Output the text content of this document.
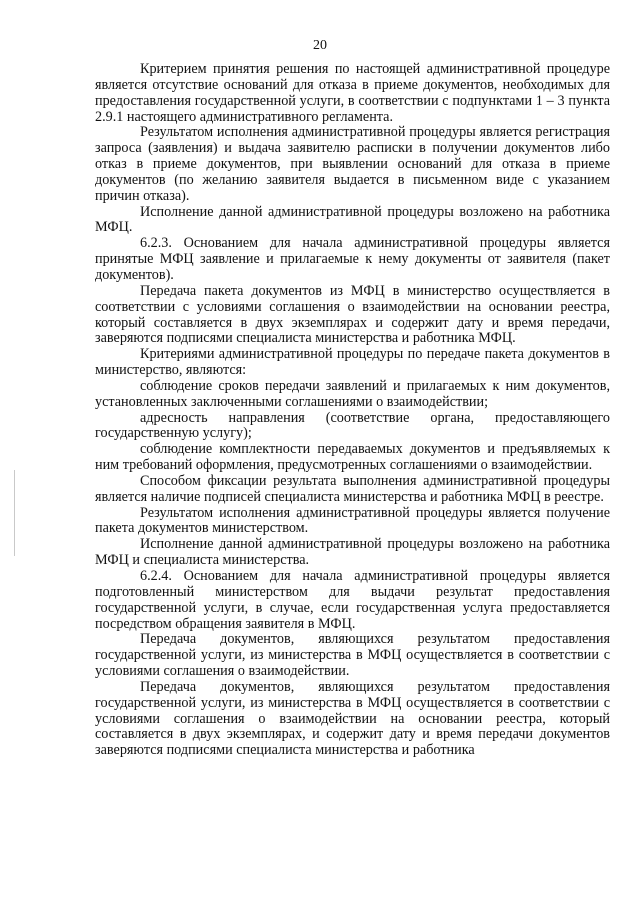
20

Критерием принятия решения по настоящей административной процедуре является отсутствие оснований для отказа в приеме документов, необходимых для предоставления государственной услуги, в соответствии с подпунктами 1 – 3 пункта 2.9.1 настоящего административного регламента.

Результатом исполнения административной процедуры является регистрация запроса (заявления) и выдача заявителю расписки в получении документов либо отказ в приеме документов, при выявлении оснований для отказа в приеме документов (по желанию заявителя выдается в письменном виде с указанием причин отказа).

Исполнение данной административной процедуры возложено на работника МФЦ.

6.2.3. Основанием для начала административной процедуры является принятые МФЦ заявление и прилагаемые к нему документы от заявителя (пакет документов).

Передача пакета документов из МФЦ в министерство осуществляется в соответствии с условиями соглашения о взаимодействии на основании реестра, который составляется в двух экземплярах и содержит дату и время передачи, заверяются подписями специалиста министерства и работника МФЦ.

Критериями административной процедуры по передаче пакета документов в министерство, являются:

соблюдение сроков передачи заявлений и прилагаемых к ним документов, установленных заключенными соглашениями о взаимодействии;

адресность направления (соответствие органа, предоставляющего государственную услугу);

соблюдение комплектности передаваемых документов и предъявляемых к ним требований оформления, предусмотренных соглашениями о взаимодействии.

Способом фиксации результата выполнения административной процедуры является наличие подписей специалиста министерства и работника МФЦ в реестре.

Результатом исполнения административной процедуры является получение пакета документов министерством.

Исполнение данной административной процедуры возложено на работника МФЦ и специалиста министерства.

6.2.4. Основанием для начала административной процедуры является подготовленный министерством для выдачи результат предоставления государственной услуги, в случае, если государственная услуга предоставляется посредством обращения заявителя в МФЦ.

Передача документов, являющихся результатом предоставления государственной услуги, из министерства в МФЦ осуществляется в соответствии с условиями соглашения о взаимодействии.

Передача документов, являющихся результатом предоставления государственной услуги, из министерства в МФЦ осуществляется в соответствии с условиями соглашения о взаимодействии на основании реестра, который составляется в двух экземплярах, и содержит дату и время передачи документов заверяются подписями специалиста министерства и работника
